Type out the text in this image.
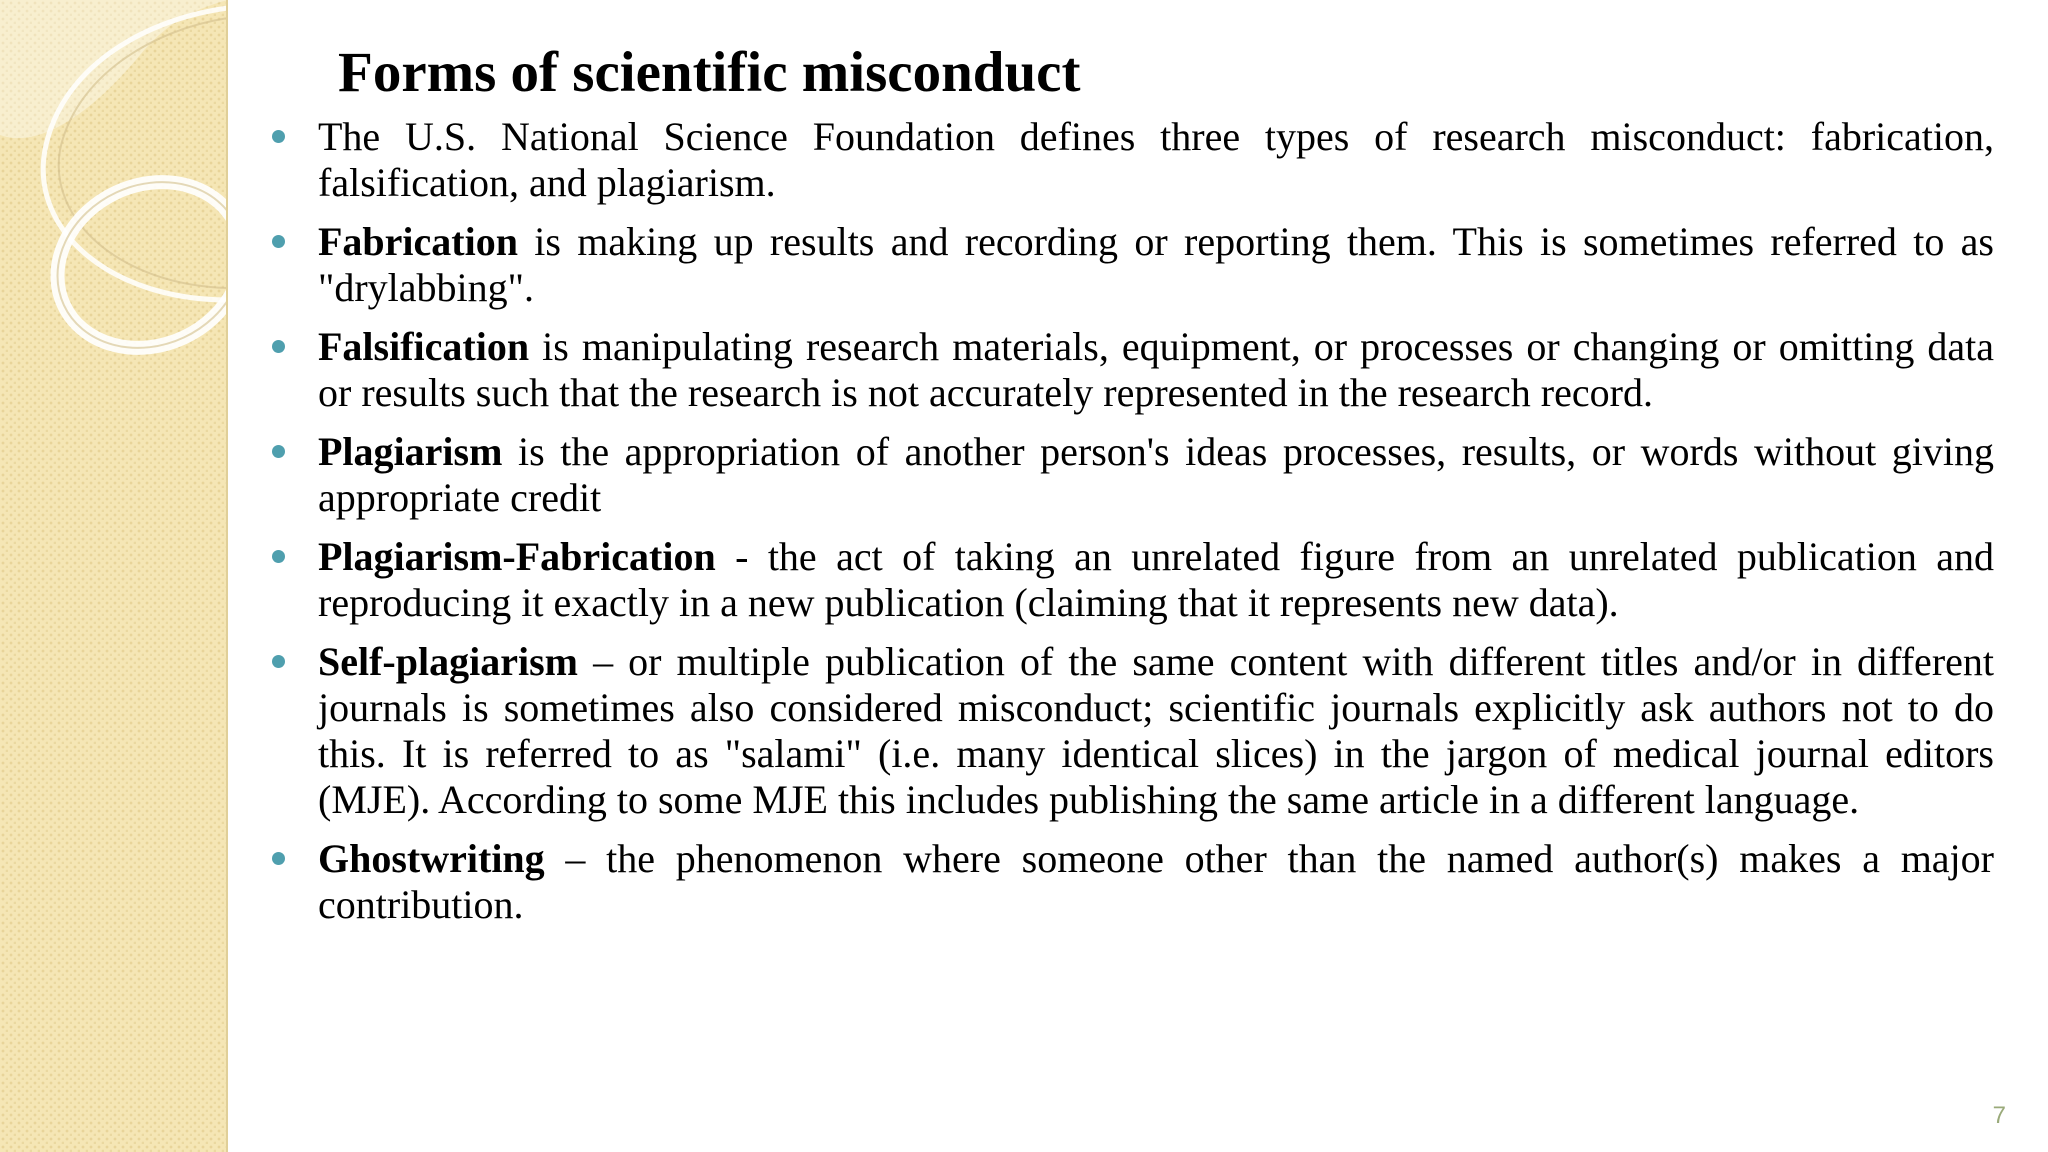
Forms of scientific misconduct
The U.S. National Science Foundation defines three types of research misconduct: fabrication, falsification, and plagiarism.
Fabrication is making up results and recording or reporting them. This is sometimes referred to as "drylabbing".
Falsification is manipulating research materials, equipment, or processes or changing or omitting data or results such that the research is not accurately represented in the research record.
Plagiarism is the appropriation of another person's ideas processes, results, or words without giving appropriate credit
Plagiarism-Fabrication - the act of taking an unrelated figure from an unrelated publication and reproducing it exactly in a new publication (claiming that it represents new data).
Self-plagiarism – or multiple publication of the same content with different titles and/or in different journals is sometimes also considered misconduct; scientific journals explicitly ask authors not to do this. It is referred to as "salami" (i.e. many identical slices) in the jargon of medical journal editors (MJE). According to some MJE this includes publishing the same article in a different language.
Ghostwriting – the phenomenon where someone other than the named author(s) makes a major contribution.
7
